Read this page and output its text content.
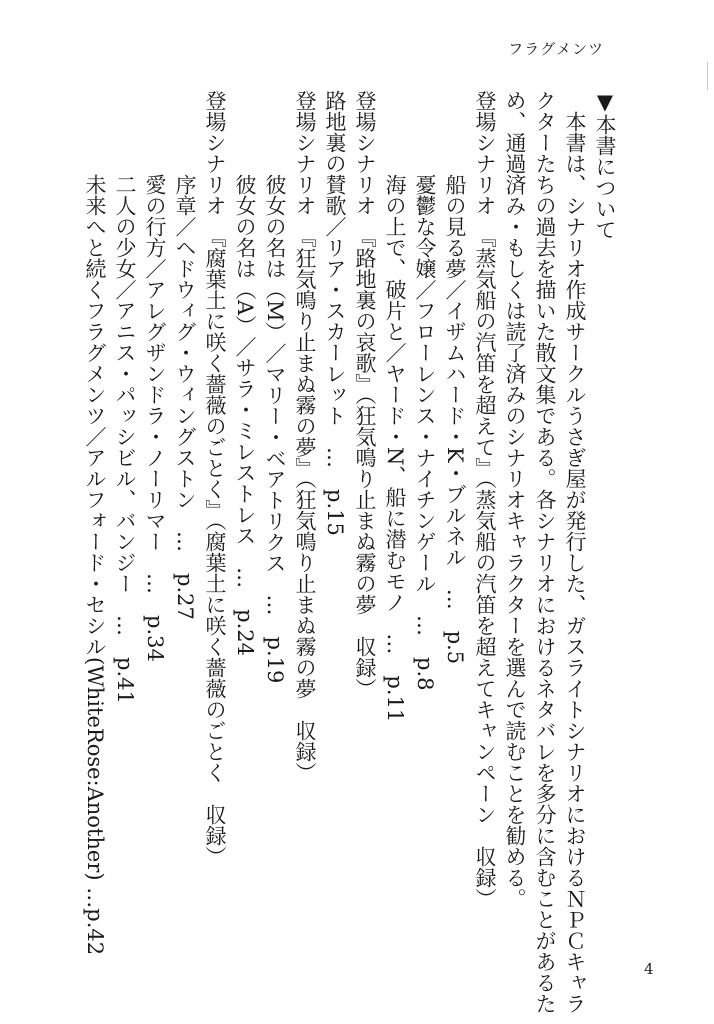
フラグメンツ
▼本書について
　本書は、シナリオ作成サークルうさぎ屋が発行した、ガスライトシナリオにおけるＮＰＣキャラ
クターたちの過去を描いた散文集である。各シナリオにおけるネタバレを多分に含むことがあるた
め、通過済み・もしくは読了済みのシナリオキャラクターを選んで読むことを勧める。
登場シナリオ　『蒸気船の汽笛を超えて』（蒸気船の汽笛を超えてキャンペーン　収録）
船の見る夢／イザムハード・K・ブルネル　…　p.5
憂鬱な令嬢／フローレンス・ナイチンゲール　…　p.8
海の上で、破片と／ヤード・N、船に潜むモノ　…　p.11
登場シナリオ　『路地裏の哀歌』（狂気鳴り止まぬ霧の夢　収録）
路地裏の賛歌／リア・スカーレット　…　p.15
登場シナリオ　『狂気鳴り止まぬ霧の夢』（狂気鳴り止まぬ霧の夢　収録）
彼女の名は（M）／マリー・ベアトリクス　…　p.19
彼女の名は（A）／サラ・ミレストレス　…　p.24
登場シナリオ　『腐葉土に咲く薔薇のごとく』（腐葉土に咲く薔薇のごとく　収録）
序章／ヘドウィグ・ウィングストン　…　p.27
愛の行方／アレグザンドラ・ノーリマー　…　p.34
二人の少女／アニス・パッシビル、バンジー　…　p.41
未来へと続くフラグメンツ／アルフォード・セシル(WhiteRose:Another) …p.42
4
